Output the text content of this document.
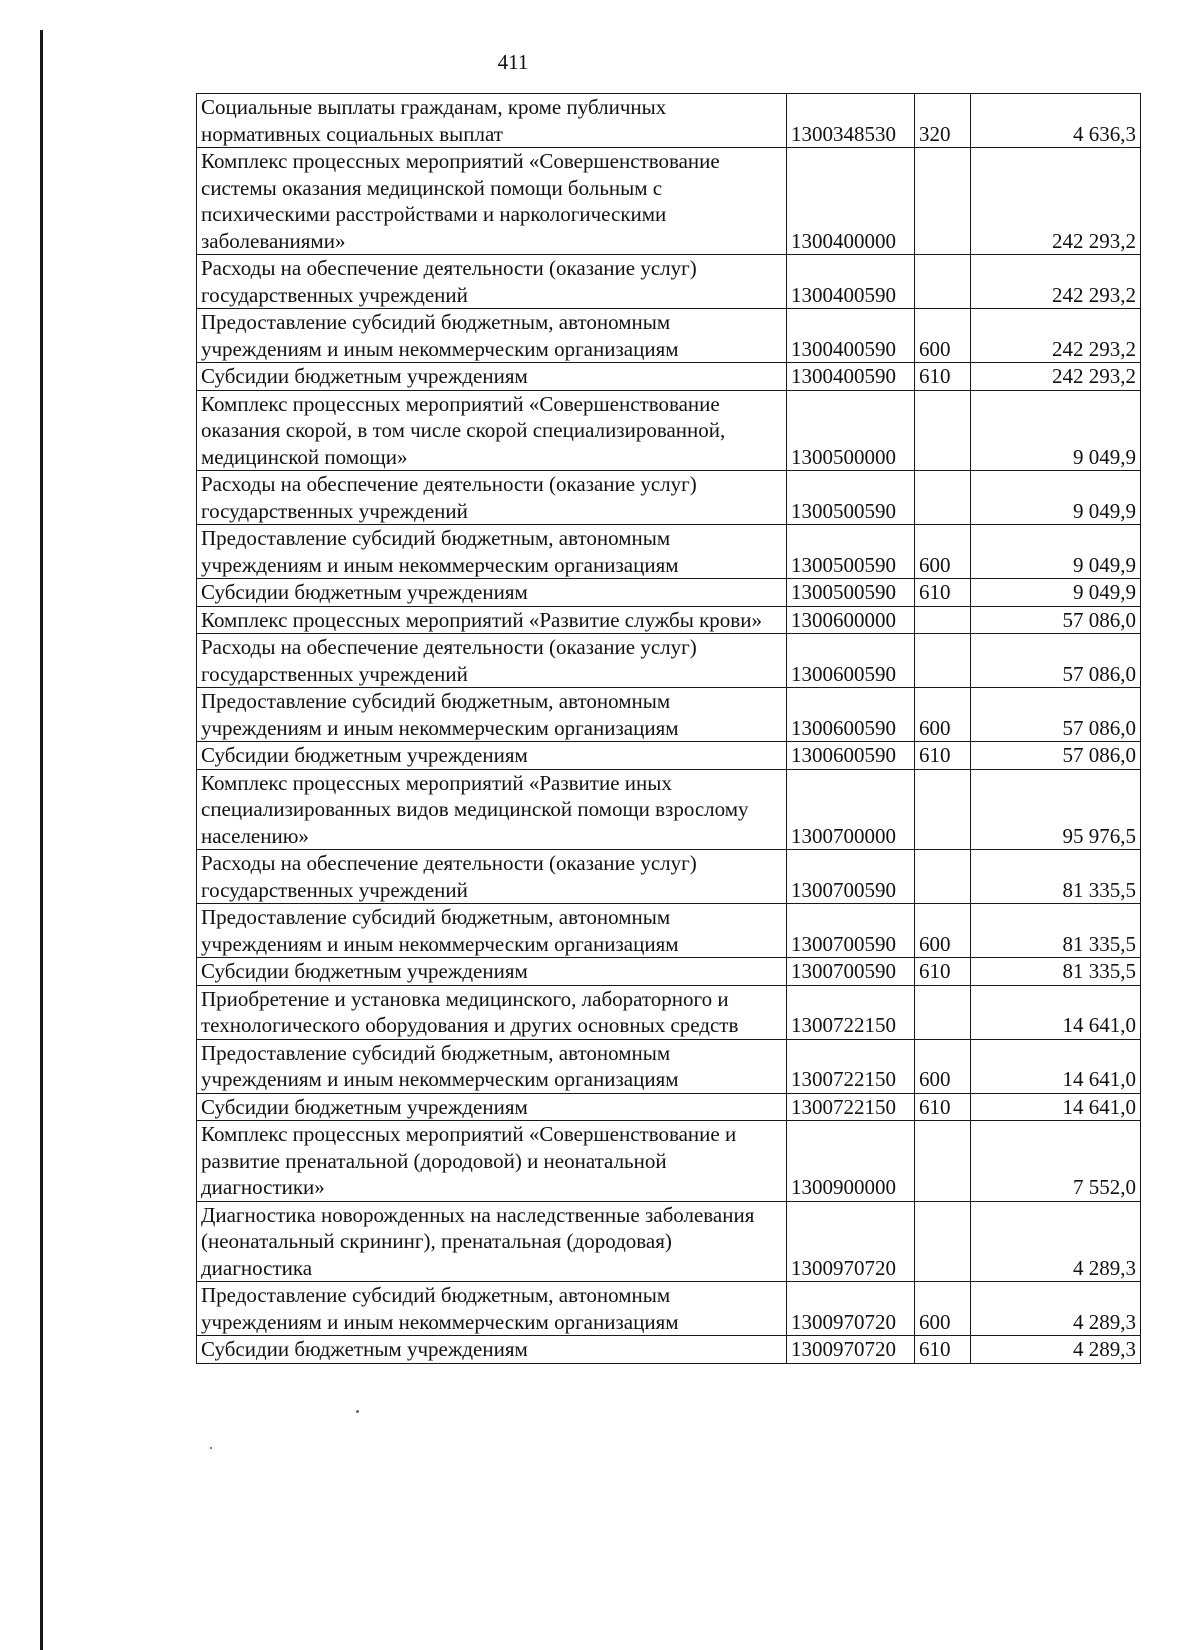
411
Социальные выплаты гражданам, кроме публичных нормативных социальных выплат	1300348530	320	4 636,3
Комплекс процессных мероприятий «Совершенствование системы оказания медицинской помощи больным с психическими расстройствами и наркологическими заболеваниями»	1300400000		242 293,2
Расходы на обеспечение деятельности (оказание услуг) государственных учреждений	1300400590		242 293,2
Предоставление субсидий бюджетным, автономным учреждениям и иным некоммерческим организациям	1300400590	600	242 293,2
Субсидии бюджетным учреждениям	1300400590	610	242 293,2
Комплекс процессных мероприятий «Совершенствование оказания скорой, в том числе скорой специализированной, медицинской помощи»	1300500000		9 049,9
Расходы на обеспечение деятельности (оказание услуг) государственных учреждений	1300500590		9 049,9
Предоставление субсидий бюджетным, автономным учреждениям и иным некоммерческим организациям	1300500590	600	9 049,9
Субсидии бюджетным учреждениям	1300500590	610	9 049,9
Комплекс процессных мероприятий «Развитие службы крови»	1300600000		57 086,0
Расходы на обеспечение деятельности (оказание услуг) государственных учреждений	1300600590		57 086,0
Предоставление субсидий бюджетным, автономным учреждениям и иным некоммерческим организациям	1300600590	600	57 086,0
Субсидии бюджетным учреждениям	1300600590	610	57 086,0
Комплекс процессных мероприятий «Развитие иных специализированных видов медицинской помощи взрослому населению»	1300700000		95 976,5
Расходы на обеспечение деятельности (оказание услуг) государственных учреждений	1300700590		81 335,5
Предоставление субсидий бюджетным, автономным учреждениям и иным некоммерческим организациям	1300700590	600	81 335,5
Субсидии бюджетным учреждениям	1300700590	610	81 335,5
Приобретение и установка медицинского, лабораторного и технологического оборудования и других основных средств	1300722150		14 641,0
Предоставление субсидий бюджетным, автономным учреждениям и иным некоммерческим организациям	1300722150	600	14 641,0
Субсидии бюджетным учреждениям	1300722150	610	14 641,0
Комплекс процессных мероприятий «Совершенствование и развитие пренатальной (дородовой) и неонатальной диагностики»	1300900000		7 552,0
Диагностика новорожденных на наследственные заболевания (неонатальный скрининг), пренатальная (дородовая) диагностика	1300970720		4 289,3
Предоставление субсидий бюджетным, автономным учреждениям и иным некоммерческим организациям	1300970720	600	4 289,3
Субсидии бюджетным учреждениям	1300970720	610	4 289,3
